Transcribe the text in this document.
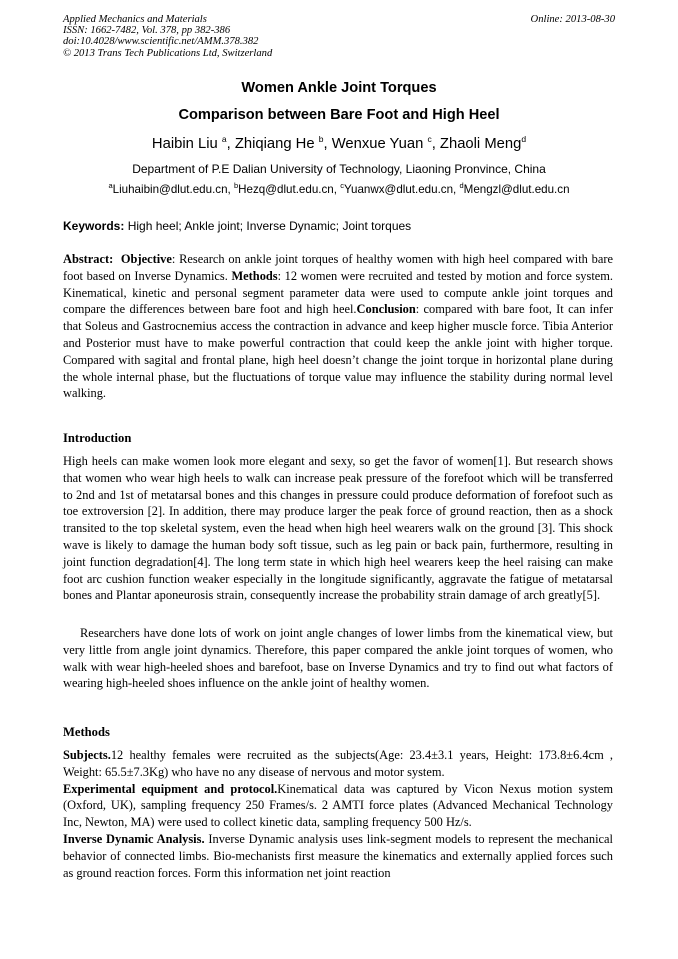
Applied Mechanics and Materials
ISSN: 1662-7482, Vol. 378, pp 382-386
doi:10.4028/www.scientific.net/AMM.378.382
© 2013 Trans Tech Publications Ltd, Switzerland
Online: 2013-08-30
Women Ankle Joint Torques
Comparison between Bare Foot and High Heel
Haibin Liu $^a$, Zhiqiang He $^b$, Wenxue Yuan $^c$, Zhaoli Meng$^d$
Department of P.E Dalian University of Technology, Liaoning Pronvince, China
$^a$Liuhaibin@dlut.edu.cn, $^b$Hezq@dlut.edu.cn, $^c$Yuanwx@dlut.edu.cn, $^d$Mengzl@dlut.edu.cn
Keywords: High heel; Ankle joint; Inverse Dynamic; Joint torques
Abstract: Objective: Research on ankle joint torques of healthy women with high heel compared with bare foot based on Inverse Dynamics. Methods: 12 women were recruited and tested by motion and force system. Kinematical, kinetic and personal segment parameter data were used to compute ankle joint torques and compare the differences between bare foot and high heel.Conclusion: compared with bare foot, It can infer that Soleus and Gastrocnemius access the contraction in advance and keep higher muscle force. Tibia Anterior and Posterior must have to make powerful contraction that could keep the ankle joint with higher torque. Compared with sagital and frontal plane, high heel doesn’t change the joint torque in horizontal plane during the whole internal phase, but the fluctuations of torque value may influence the stability during normal level walking.
Introduction
High heels can make women look more elegant and sexy, so get the favor of women[1]. But research shows that women who wear high heels to walk can increase peak pressure of the forefoot which will be transferred to 2nd and 1st of metatarsal bones and this changes in pressure could produce deformation of forefoot such as toe extroversion [2]. In addition, there may produce larger the peak force of ground reaction, then as a shock transited to the top skeletal system, even the head when high heel wearers walk on the ground [3]. This shock wave is likely to damage the human body soft tissue, such as leg pain or back pain, furthermore, resulting in joint function degradation[4]. The long term state in which high heel wearers keep the heel raising can make foot arc cushion function weaker especially in the longitude significantly, aggravate the fatigue of metatarsal bones and Plantar aponeurosis strain, consequently increase the probability strain damage of arch greatly[5].
Researchers have done lots of work on joint angle changes of lower limbs from the kinematical view, but very little from angle joint dynamics. Therefore, this paper compared the ankle joint torques of women, who walk with wear high-heeled shoes and barefoot, base on Inverse Dynamics and try to find out what factors of wearing high-heeled shoes influence on the ankle joint of healthy women.
Methods

Subjects.12 healthy females were recruited as the subjects(Age: 23.4±3.1 years, Height: 173.8±6.4cm , Weight: 65.5±7.3Kg) who have no any disease of nervous and motor system.

Experimental equipment and protocol.Kinematical data was captured by Vicon Nexus motion system (Oxford, UK), sampling frequency 250 Frames/s. 2 AMTI force plates (Advanced Mechanical Technology Inc, Newton, MA) were used to collect kinetic data, sampling frequency 500 Hz/s.

Inverse Dynamic Analysis. Inverse Dynamic analysis uses link-segment models to represent the mechanical behavior of connected limbs. Bio-mechanists first measure the kinematics and externally applied forces such as ground reaction forces. Form this information net joint reaction
